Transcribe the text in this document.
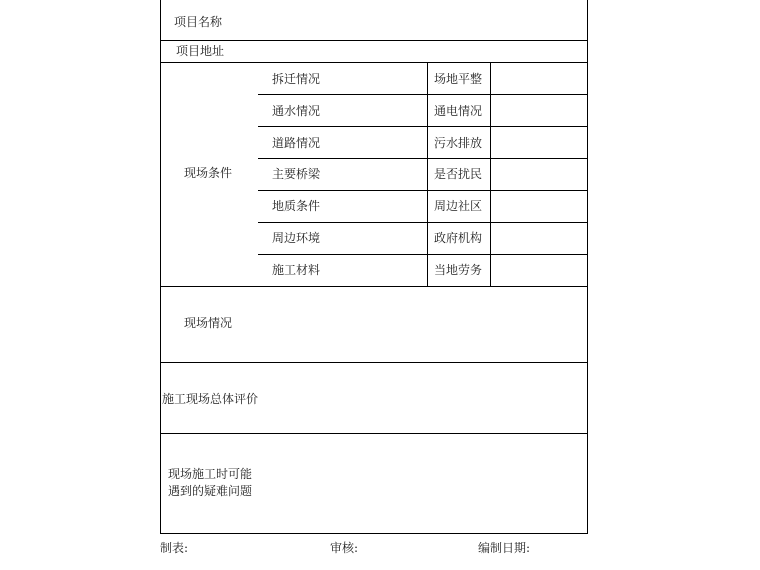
项目名称
项目地址
现场条件
拆迁情况	场地平整
通水情况	通电情况
道路情况	污水排放
主要桥梁	是否扰民
地质条件	周边社区
周边环境	政府机构
施工材料	当地劳务
现场情况
施工现场总体评价
现场施工时可能
遇到的疑难问题
制表:	审核:	编制日期:
